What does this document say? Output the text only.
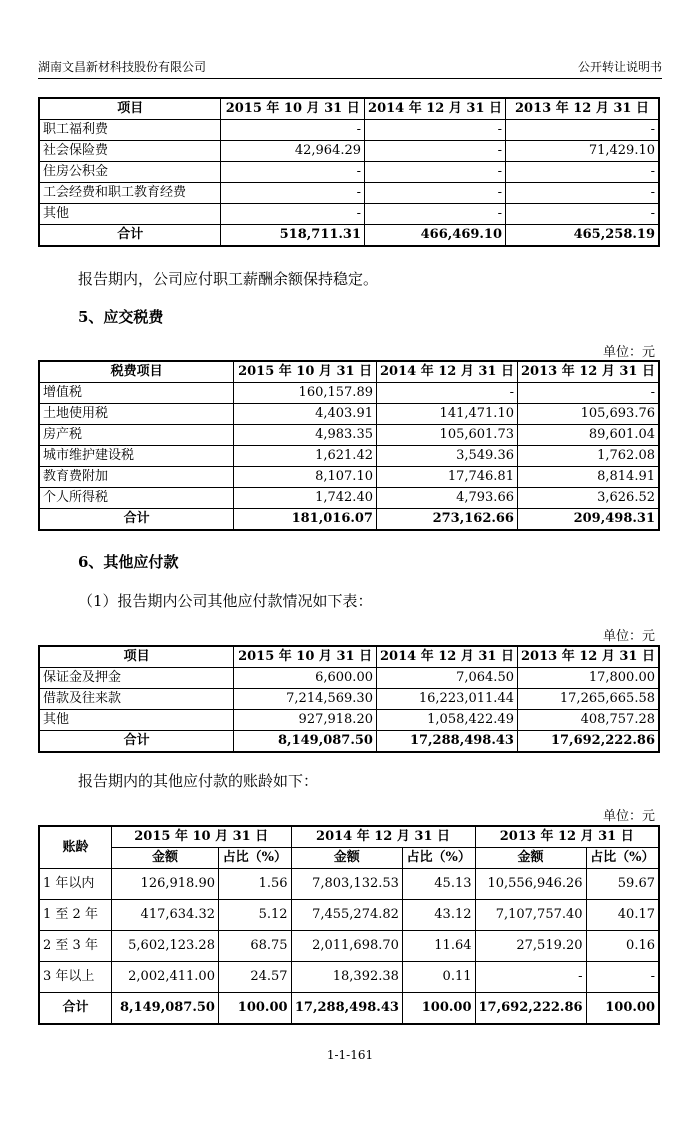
湖南文昌新材科技股份有限公司	公开转让说明书
项目	2015 年 10 月 31 日	2014 年 12 月 31 日	2013 年 12 月 31 日
职工福利费	-	-	-
社会保险费	42,964.29	-	71,429.10
住房公积金	-	-	-
工会经费和职工教育经费	-	-	-
其他	-	-	-
合计	518,711.31	466,469.10	465,258.19
报告期内，公司应付职工薪酬余额保持稳定。
5、应交税费
单位：元
税费项目	2015 年 10 月 31 日	2014 年 12 月 31 日	2013 年 12 月 31 日
增值税	160,157.89	-	-
土地使用税	4,403.91	141,471.10	105,693.76
房产税	4,983.35	105,601.73	89,601.04
城市维护建设税	1,621.42	3,549.36	1,762.08
教育费附加	8,107.10	17,746.81	8,814.91
个人所得税	1,742.40	4,793.66	3,626.52
合计	181,016.07	273,162.66	209,498.31
6、其他应付款
（1）报告期内公司其他应付款情况如下表：
单位：元
项目	2015 年 10 月 31 日	2014 年 12 月 31 日	2013 年 12 月 31 日
保证金及押金	6,600.00	7,064.50	17,800.00
借款及往来款	7,214,569.30	16,223,011.44	17,265,665.58
其他	927,918.20	1,058,422.49	408,757.28
合计	8,149,087.50	17,288,498.43	17,692,222.86
报告期内的其他应付款的账龄如下：
单位：元
账龄	2015 年 10 月 31 日		2014 年 12 月 31 日		2013 年 12 月 31 日	
	金额	占比（%）	金额	占比（%）	金额	占比（%）
1 年以内	126,918.90	1.56	7,803,132.53	45.13	10,556,946.26	59.67
1 至 2 年	417,634.32	5.12	7,455,274.82	43.12	7,107,757.40	40.17
2 至 3 年	5,602,123.28	68.75	2,011,698.70	11.64	27,519.20	0.16
3 年以上	2,002,411.00	24.57	18,392.38	0.11	-	-
合计	8,149,087.50	100.00	17,288,498.43	100.00	17,692,222.86	100.00
1-1-161
